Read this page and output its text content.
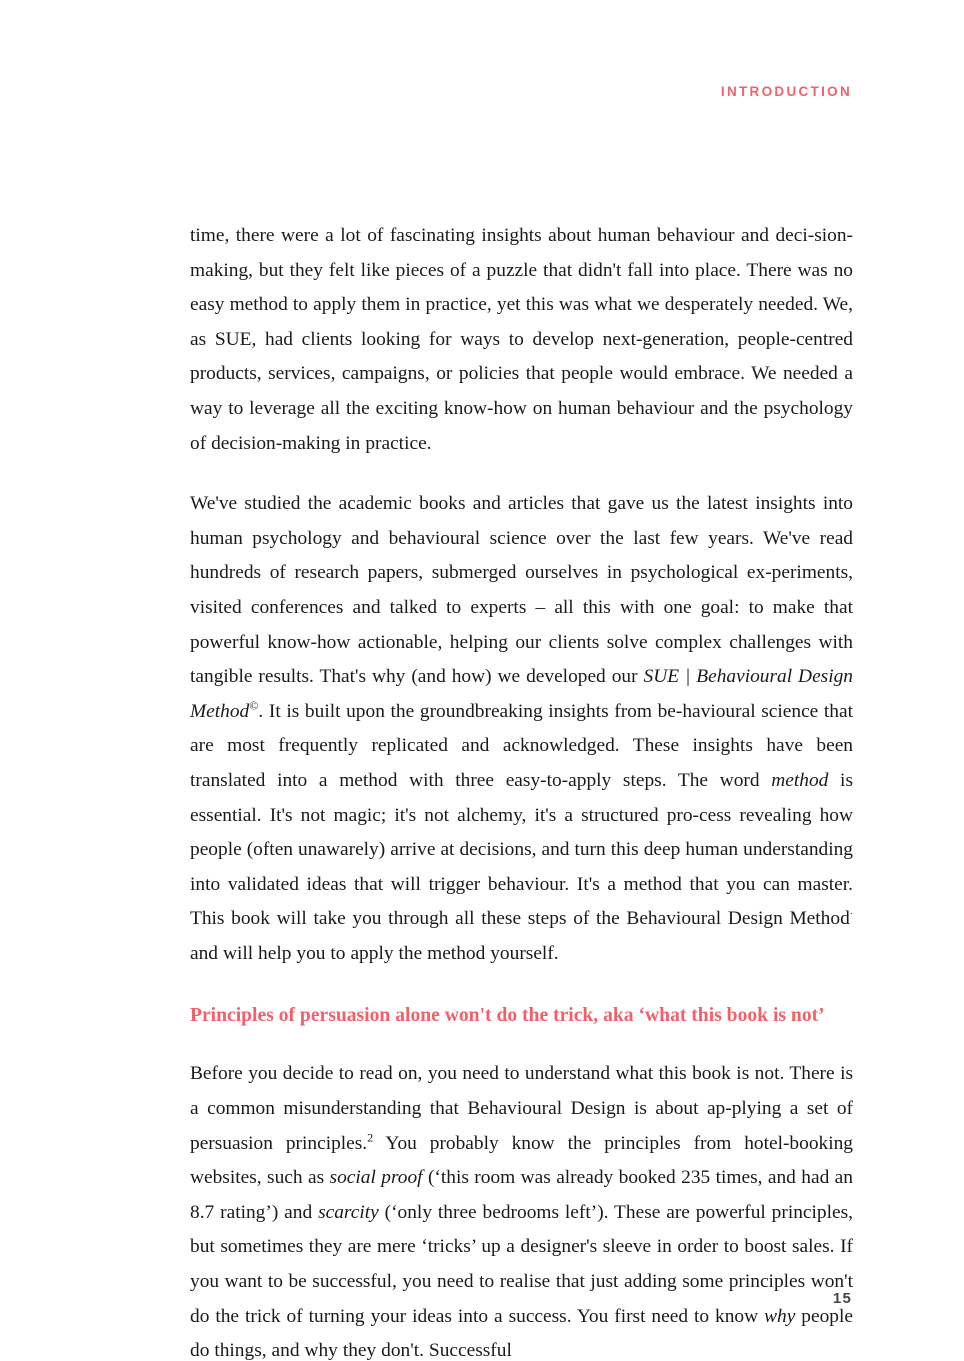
INTRODUCTION

time, there were a lot of fascinating insights about human behaviour and deci-sion-making, but they felt like pieces of a puzzle that didn't fall into place. There was no easy method to apply them in practice, yet this was what we desperately needed. We, as SUE, had clients looking for ways to develop next-generation, people-centred products, services, campaigns, or policies that people would embrace. We needed a way to leverage all the exciting know-how on human behaviour and the psychology of decision-making in practice.

We've studied the academic books and articles that gave us the latest insights into human psychology and behavioural science over the last few years. We've read hundreds of research papers, submerged ourselves in psychological ex-periments, visited conferences and talked to experts – all this with one goal: to make that powerful know-how actionable, helping our clients solve complex challenges with tangible results. That's why (and how) we developed our SUE | Behavioural Design Method©. It is built upon the groundbreaking insights from be-havioural science that are most frequently replicated and acknowledged. These insights have been translated into a method with three easy-to-apply steps. The word method is essential. It's not magic; it's not alchemy, it's a structured pro-cess revealing how people (often unawarely) arrive at decisions, and turn this deep human understanding into validated ideas that will trigger behaviour. It's a method that you can master. This book will take you through all these steps of the Behavioural Design Method· and will help you to apply the method yourself.

Principles of persuasion alone won't do the trick, aka ‘what this book is not’

Before you decide to read on, you need to understand what this book is not. There is a common misunderstanding that Behavioural Design is about ap-plying a set of persuasion principles.$^2$ You probably know the principles from hotel-booking websites, such as social proof (‘this room was already booked 235 times, and had an 8.7 rating’) and scarcity (‘only three bedrooms left’). These are powerful principles, but sometimes they are mere ‘tricks’ up a designer's sleeve in order to boost sales. If you want to be successful, you need to realise that just adding some principles won't do the trick of turning your ideas into a success. You first need to know why people do things, and why they don't. Successful

15
